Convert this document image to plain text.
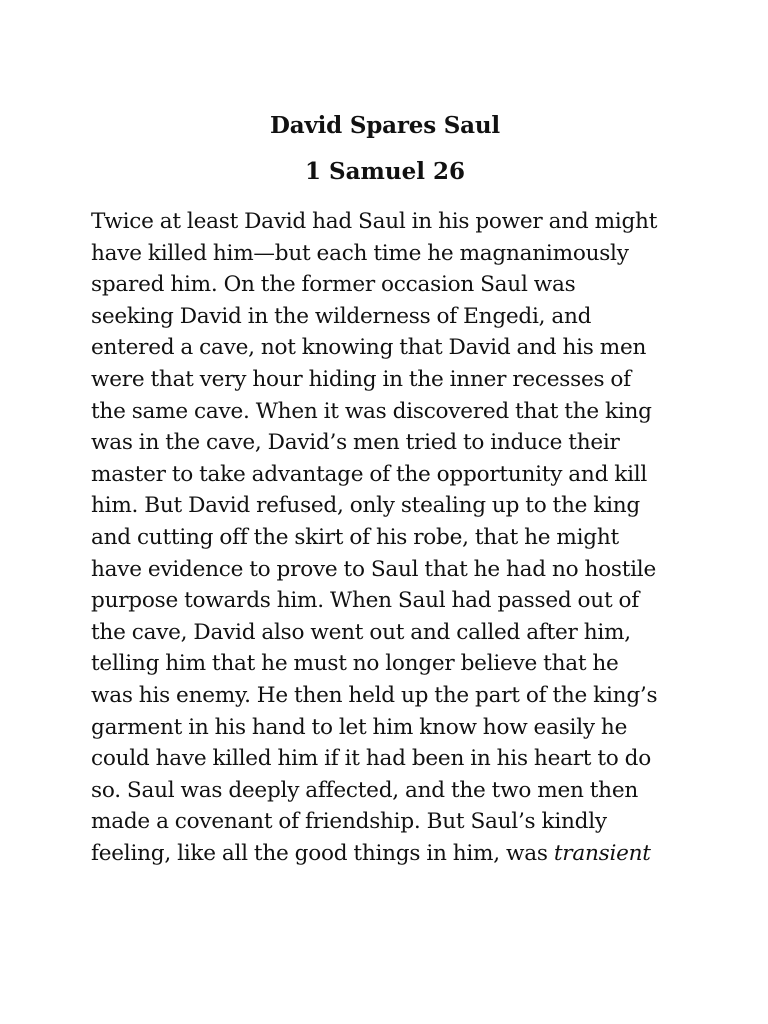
David Spares Saul
1 Samuel 26
Twice at least David had Saul in his power and might
have killed him—but each time he magnanimously
spared him. On the former occasion Saul was
seeking David in the wilderness of Engedi, and
entered a cave, not knowing that David and his men
were that very hour hiding in the inner recesses of
the same cave. When it was discovered that the king
was in the cave, David’s men tried to induce their
master to take advantage of the opportunity and kill
him. But David refused, only stealing up to the king
and cutting off the skirt of his robe, that he might
have evidence to prove to Saul that he had no hostile
purpose towards him. When Saul had passed out of
the cave, David also went out and called after him,
telling him that he must no longer believe that he
was his enemy. He then held up the part of the king’s
garment in his hand to let him know how easily he
could have killed him if it had been in his heart to do
so. Saul was deeply affected, and the two men then
made a covenant of friendship. But Saul’s kindly
feeling, like all the good things in him, was transient
